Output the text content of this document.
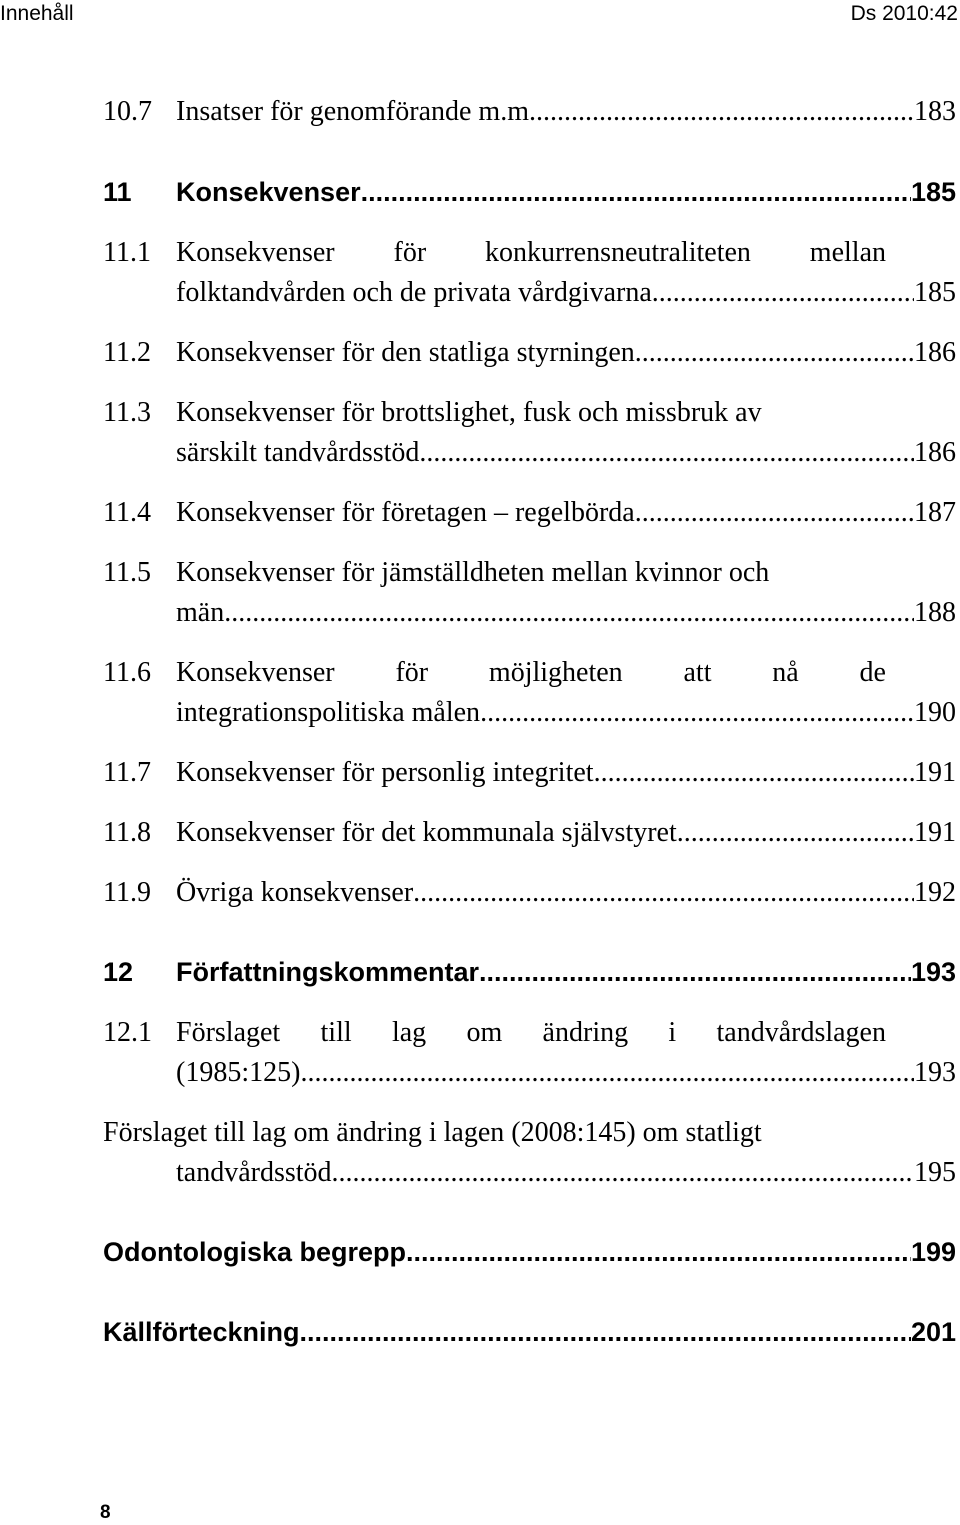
Innehåll	Ds 2010:42
10.7 Insatser för genomförande m.m. .....	183
11	Konsekvenser .....	185
11.1 Konsekvenser för konkurrensneutraliteten mellan
folktandvården och de privata vårdgivarna .....	185
11.2 Konsekvenser för den statliga styrningen .....	186
11.3 Konsekvenser för brottslighet, fusk och missbruk av
särskilt tandvårdsstöd .....	186
11.4 Konsekvenser för företagen – regelbörda .....	187
11.5 Konsekvenser för jämställdheten mellan kvinnor och
män .....	188
11.6 Konsekvenser för möjligheten att nå de
integrationspolitiska målen .....	190
11.7 Konsekvenser för personlig integritet .....	191
11.8 Konsekvenser för det kommunala självstyret .....	191
11.9 Övriga konsekvenser .....	192
12	Författningskommentar .....	193
12.1 Förslaget till lag om ändring i tandvårdslagen
(1985:125) .....	193
Förslaget till lag om ändring i lagen (2008:145) om statligt
tandvårdsstöd .....	195
Odontologiska begrepp .....	199
Källförteckning .....	201
8
